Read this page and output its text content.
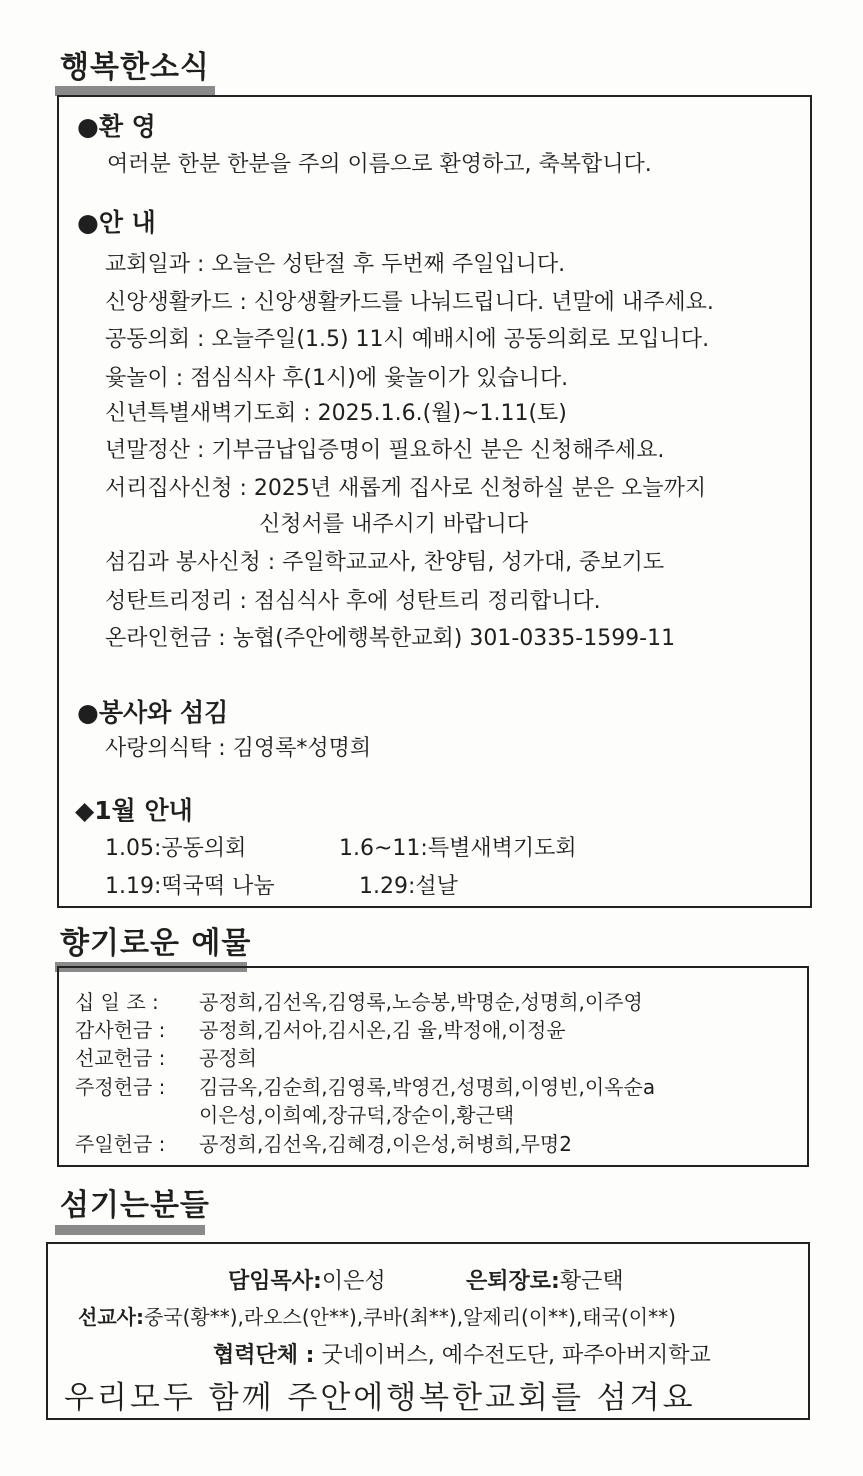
행복한소식
●환 영
여러분 한분 한분을 주의 이름으로 환영하고, 축복합니다.
●안 내
교회일과 : 오늘은 성탄절 후 두번째 주일입니다.
신앙생활카드 : 신앙생활카드를 나눠드립니다. 년말에 내주세요.
공동의회 : 오늘주일(1.5) 11시 예배시에 공동의회로 모입니다.
윷놀이 : 점심식사 후(1시)에 윷놀이가 있습니다.
신년특별새벽기도회 : 2025.1.6.(월)~1.11(토)
년말정산 : 기부금납입증명이 필요하신 분은 신청해주세요.
서리집사신청 : 2025년 새롭게 집사로 신청하실 분은 오늘까지
신청서를 내주시기 바랍니다
섬김과 봉사신청 : 주일학교교사, 찬양팀, 성가대, 중보기도
성탄트리정리 : 점심식사 후에 성탄트리 정리합니다.
온라인헌금 : 농협(주안에행복한교회) 301-0335-1599-11
●봉사와 섬김
사랑의식탁 : 김영록*성명희
◆1월 안내
1.05:공동의회	1.6~11:특별새벽기도회
1.19:떡국떡 나눔	1.29:설날
향기로운 예물
십 일 조 : 공정희,김선옥,김영록,노승봉,박명순,성명희,이주영
감사헌금 : 공정희,김서아,김시온,김 율,박정애,이정윤
선교헌금 : 공정희
주정헌금 : 김금옥,김순희,김영록,박영건,성명희,이영빈,이옥순a
이은성,이희예,장규덕,장순이,황근택
주일헌금 : 공정희,김선옥,김혜경,이은성,허병희,무명2
섬기는분들
담임목사:이은성	은퇴장로:황근택
선교사:중국(황**),라오스(안**),쿠바(최**),알제리(이**),태국(이**)
협력단체 : 굿네이버스, 예수전도단, 파주아버지학교
우리모두 함께 주안에행복한교회를 섬겨요
